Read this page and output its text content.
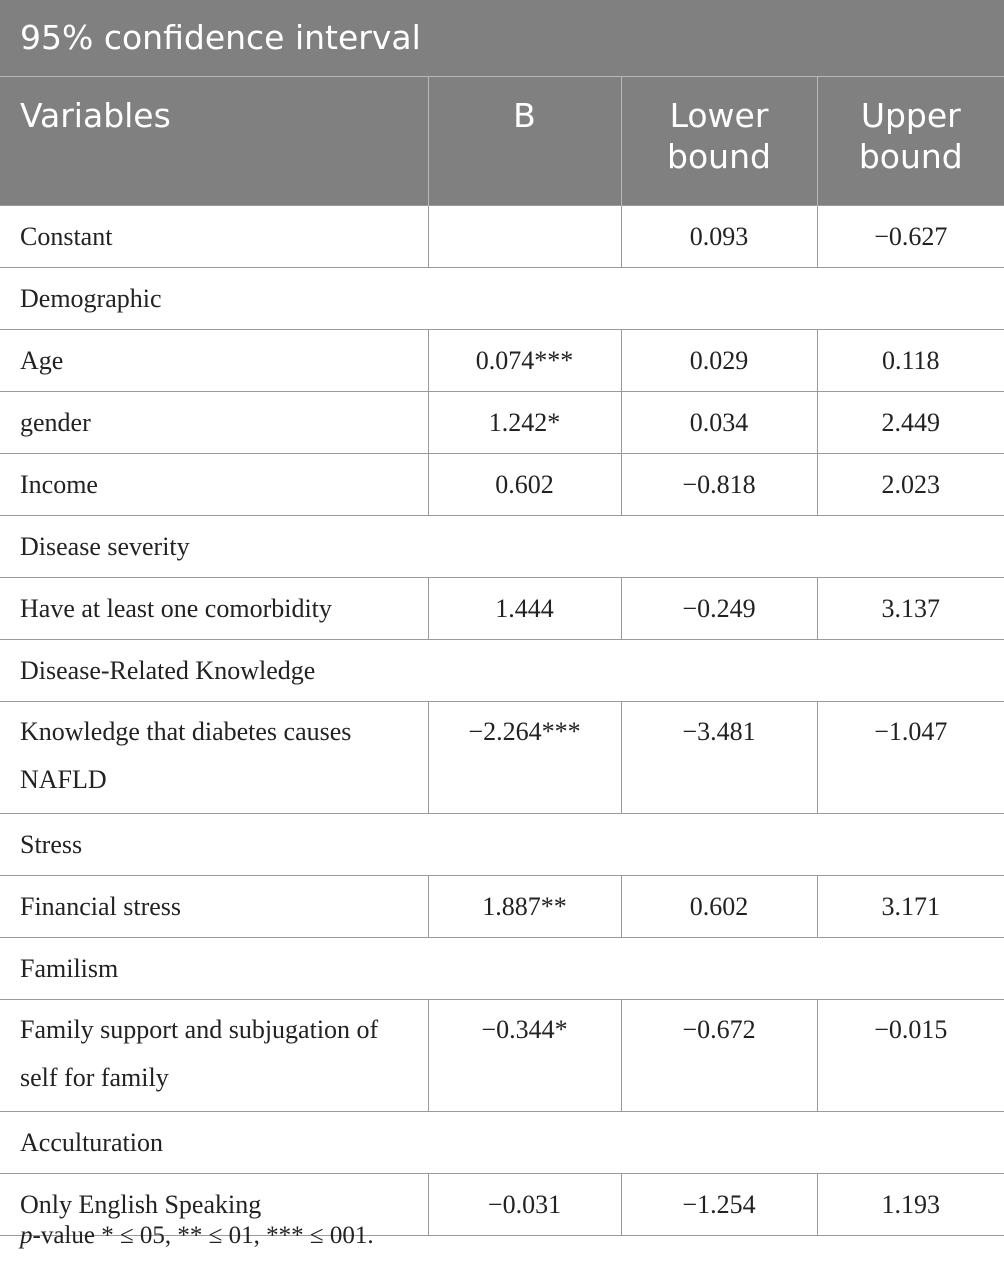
95% confidence interval			
Variables	B	Lower bound	Upper bound
Constant		0.093	−0.627
Demographic			
Age	0.074***	0.029	0.118
gender	1.242*	0.034	2.449
Income	0.602	−0.818	2.023
Disease severity			
Have at least one comorbidity	1.444	−0.249	3.137
Disease-Related Knowledge			
Knowledge that diabetes causes NAFLD	−2.264***	−3.481	−1.047
Stress			
Financial stress	1.887**	0.602	3.171
Familism			
Family support and subjugation of self for family	−0.344*	−0.672	−0.015
Acculturation			
Only English Speaking	−0.031	−1.254	1.193
p-value * ≤ 05, ** ≤ 01, *** ≤ 001.
